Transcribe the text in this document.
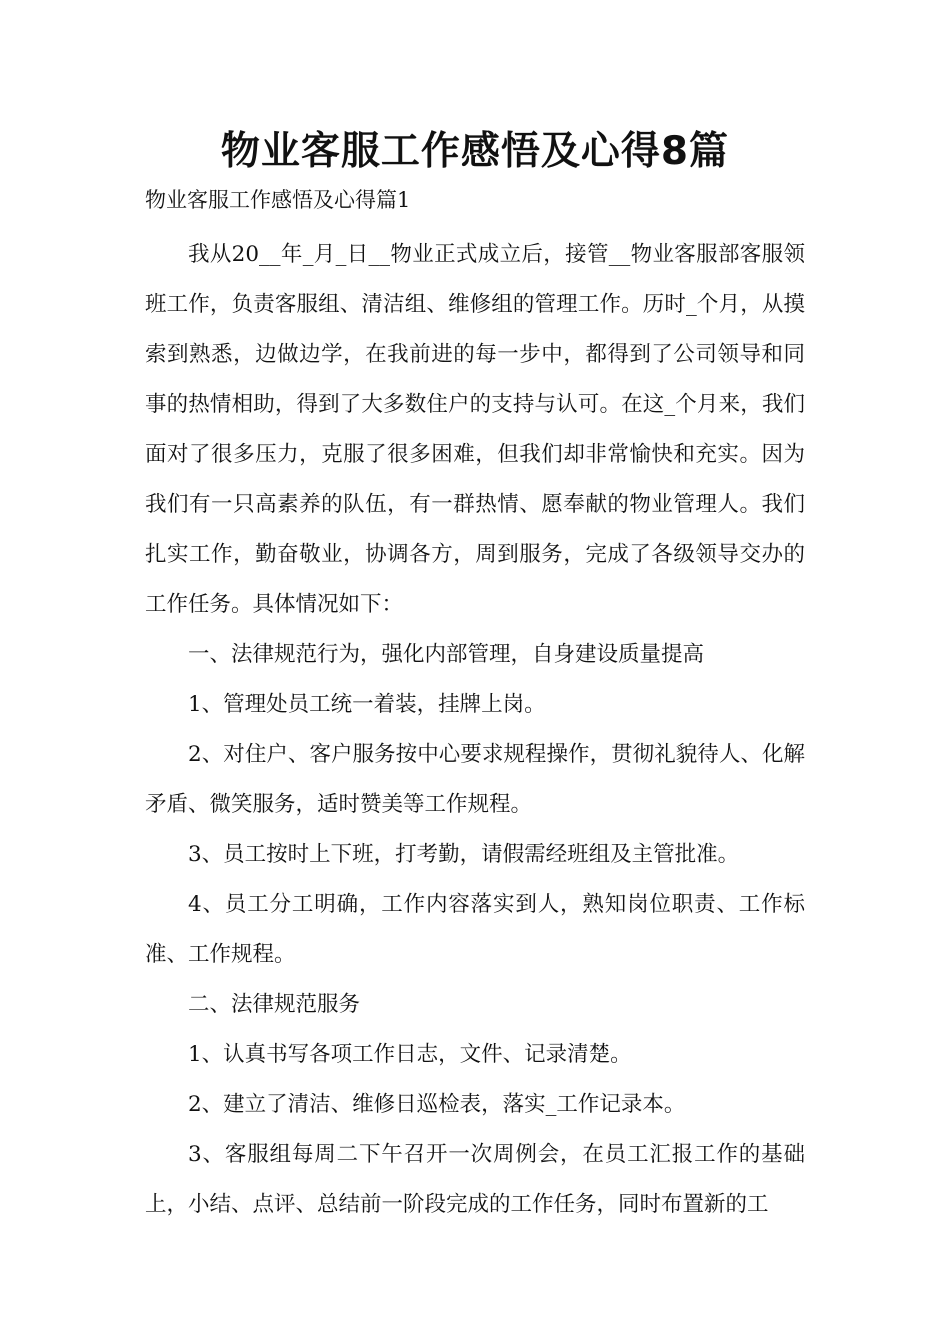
物业客服工作感悟及心得8篇

物业客服工作感悟及心得篇1

我从20__年_月_日__物业正式成立后，接管__物业客服部客服领班工作，负责客服组、清洁组、维修组的管理工作。历时_个月，从摸索到熟悉，边做边学，在我前进的每一步中，都得到了公司领导和同事的热情相助，得到了大多数住户的支持与认可。在这_个月来，我们面对了很多压力，克服了很多困难，但我们却非常愉快和充实。因为我们有一只高素养的队伍，有一群热情、愿奉献的物业管理人。我们扎实工作，勤奋敬业，协调各方，周到服务，完成了各级领导交办的工作任务。具体情况如下：

一、法律规范行为，强化内部管理，自身建设质量提高

1、管理处员工统一着装，挂牌上岗。

2、对住户、客户服务按中心要求规程操作，贯彻礼貌待人、化解矛盾、微笑服务，适时赞美等工作规程。

3、员工按时上下班，打考勤，请假需经班组及主管批准。

4、员工分工明确，工作内容落实到人，熟知岗位职责、工作标准、工作规程。

二、法律规范服务

1、认真书写各项工作日志，文件、记录清楚。

2、建立了清洁、维修日巡检表，落实_工作记录本。

3、客服组每周二下午召开一次周例会，在员工汇报工作的基础上，小结、点评、总结前一阶段完成的工作任务，同时布置新的工
